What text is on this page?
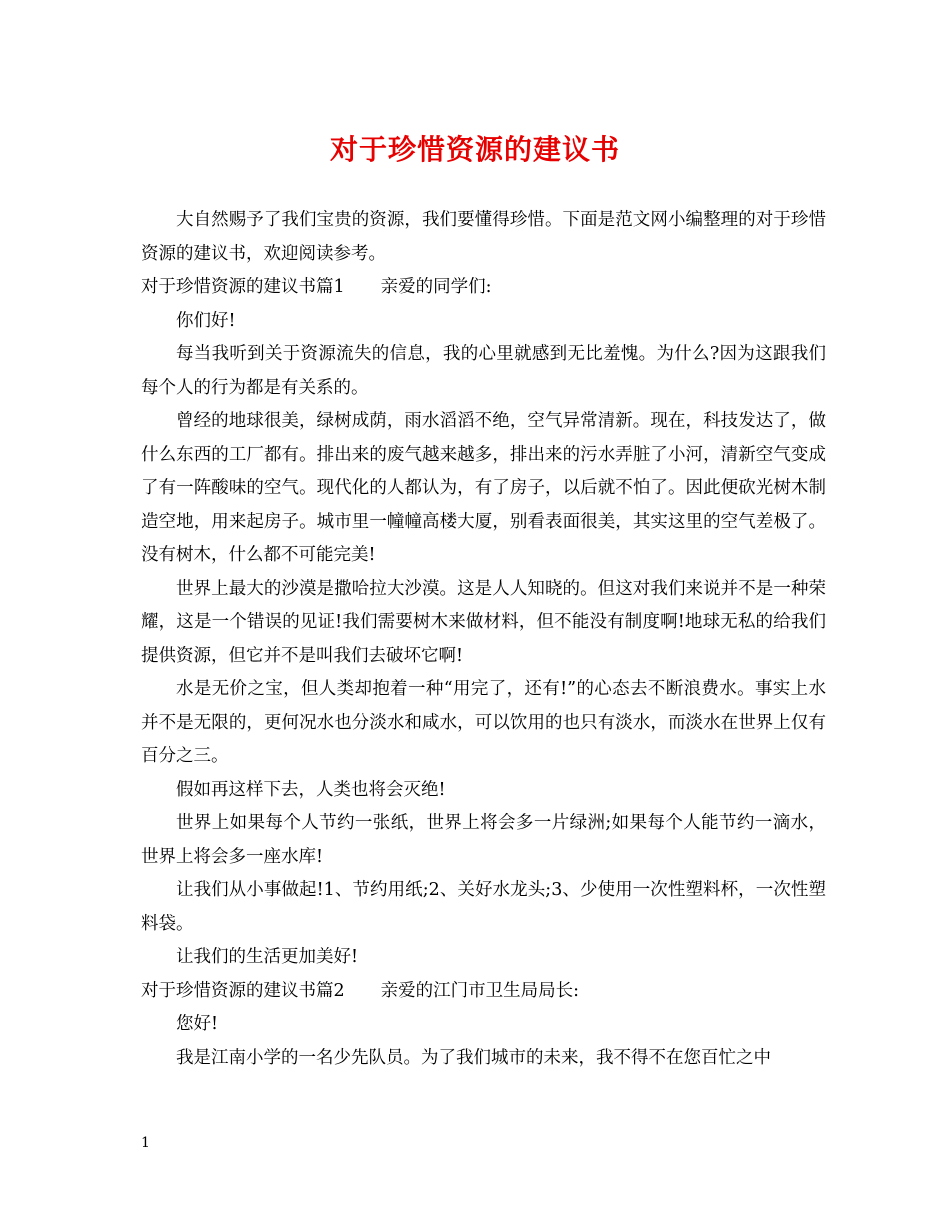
对于珍惜资源的建议书

大自然赐予了我们宝贵的资源，我们要懂得珍惜。下面是范文网小编整理的对于珍惜资源的建议书，欢迎阅读参考。

对于珍惜资源的建议书篇1 亲爱的同学们:

你们好!

每当我听到关于资源流失的信息，我的心里就感到无比羞愧。为什么?因为这跟我们每个人的行为都是有关系的。

曾经的地球很美，绿树成荫，雨水滔滔不绝，空气异常清新。现在，科技发达了，做什么东西的工厂都有。排出来的废气越来越多，排出来的污水弄脏了小河，清新空气变成了有一阵酸味的空气。现代化的人都认为，有了房子，以后就不怕了。因此便砍光树木制造空地，用来起房子。城市里一幢幢高楼大厦，别看表面很美，其实这里的空气差极了。没有树木，什么都不可能完美!

世界上最大的沙漠是撒哈拉大沙漠。这是人人知晓的。但这对我们来说并不是一种荣耀，这是一个错误的见证!我们需要树木来做材料，但不能没有制度啊!地球无私的给我们提供资源，但它并不是叫我们去破坏它啊!

水是无价之宝，但人类却抱着一种“用完了，还有!”的心态去不断浪费水。事实上水并不是无限的，更何况水也分淡水和咸水，可以饮用的也只有淡水，而淡水在世界上仅有百分之三。

假如再这样下去，人类也将会灭绝!

世界上如果每个人节约一张纸，世界上将会多一片绿洲;如果每个人能节约一滴水，世界上将会多一座水库!

让我们从小事做起!1、节约用纸;2、关好水龙头;3、少使用一次性塑料杯，一次性塑料袋。

让我们的生活更加美好!

对于珍惜资源的建议书篇2 亲爱的江门市卫生局局长:

您好!

我是江南小学的一名少先队员。为了我们城市的未来，我不得不在您百忙之中

1
